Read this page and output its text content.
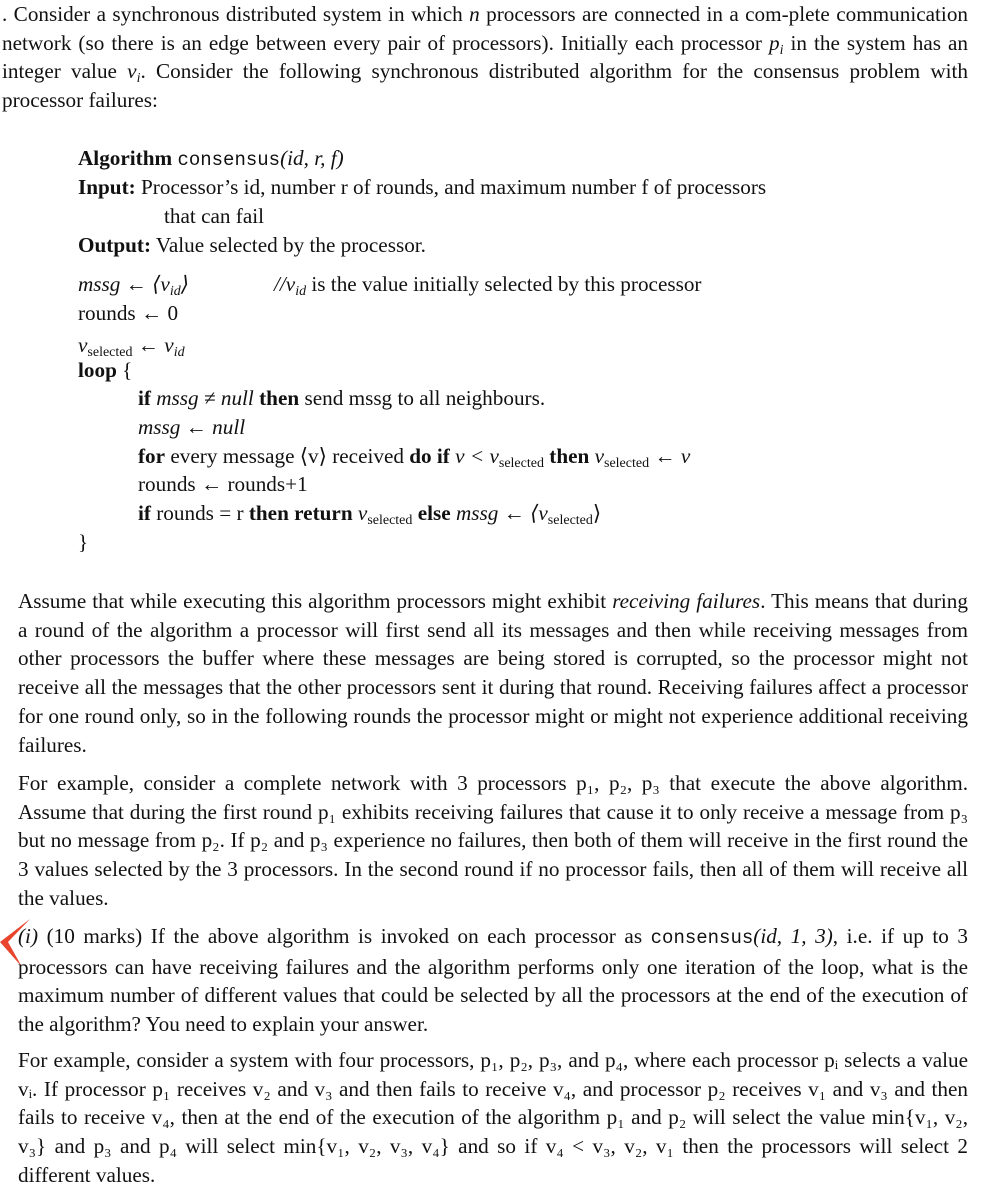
. Consider a synchronous distributed system in which n processors are connected in a com-plete communication network (so there is an edge between every pair of processors). Initially each processor $p_i$ in the system has an integer value $v_i$. Consider the following synchronous distributed algorithm for the consensus problem with processor failures:

Algorithm consensus(id, r, f)
Input: Processor’s id, number r of rounds, and maximum number f of processors
that can fail
Output: Value selected by the processor.
mssg ← $⟨v_{id}⟩$	$//v_{id}$ is the value initially selected by this processor
rounds ← 0
$v_{selected}$ ← $v_{id}$
loop {
if mssg ≠ null then send mssg to all neighbours.
mssg ← null
for every message ⟨v⟩ received do if $v < v_{selected}$ then $v_{selected}$ ← v
rounds ← rounds+1
if rounds = r then return $v_{selected}$ else mssg ← $⟨v_{selected}⟩$
}

Assume that while executing this algorithm processors might exhibit receiving failures. This means that during a round of the algorithm a processor will first send all its messages and then while receiving messages from other processors the buffer where these messages are being stored is corrupted, so the processor might not receive all the messages that the other processors sent it during that round. Receiving failures affect a processor for one round only, so in the following rounds the processor might or might not experience additional receiving failures.

For example, consider a complete network with 3 processors p₁, p₂, p₃ that execute the above algorithm. Assume that during the first round p₁ exhibits receiving failures that cause it to only receive a message from p₃ but no message from p₂. If p₂ and p₃ experience no failures, then both of them will receive in the first round the 3 values selected by the 3 processors. In the second round if no processor fails, then all of them will receive all the values.

(i) (10 marks) If the above algorithm is invoked on each processor as consensus(id, 1, 3), i.e. if up to 3 processors can have receiving failures and the algorithm performs only one iteration of the loop, what is the maximum number of different values that could be selected by all the processors at the end of the execution of the algorithm? You need to explain your answer.

For example, consider a system with four processors, p₁, p₂, p₃, and p₄, where each processor pᵢ selects a value vᵢ. If processor p₁ receives v₂ and v₃ and then fails to receive v₄, and processor p₂ receives v₁ and v₃ and then fails to receive v₄, then at the end of the execution of the algorithm p₁ and p₂ will select the value min{v₁, v₂, v₃} and p₃ and p₄ will select min{v₁, v₂, v₃, v₄} and so if v₄ < v₃, v₂, v₁ then the processors will select 2 different values.
